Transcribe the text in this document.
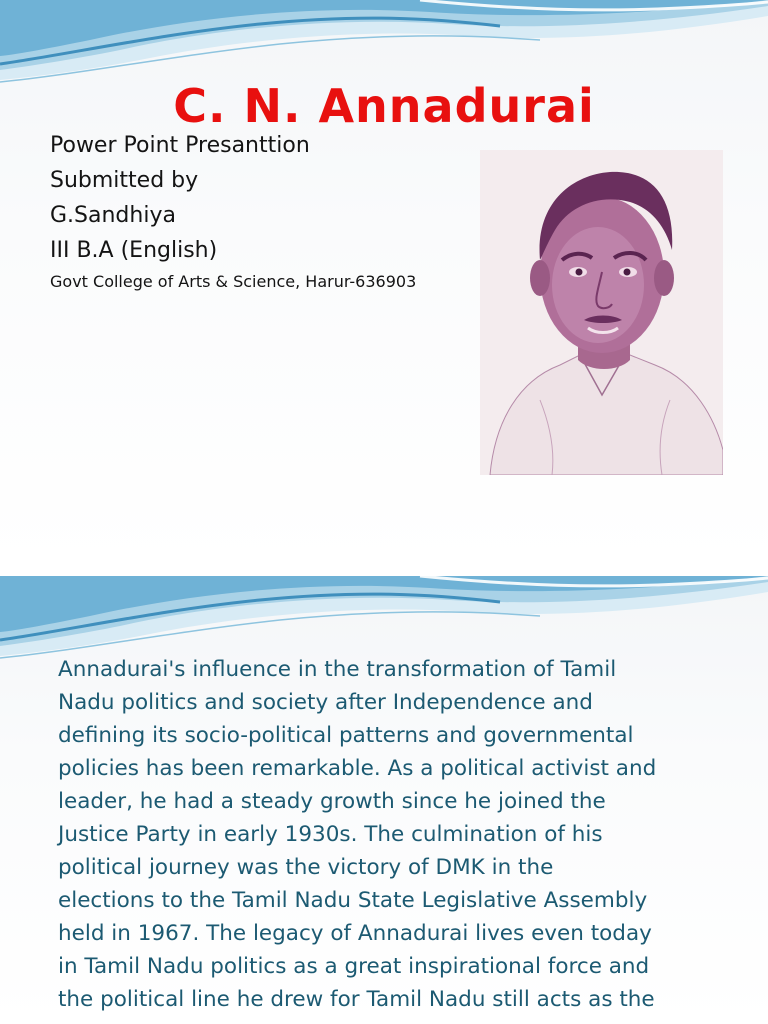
C. N. Annadurai
Power Point Presanttion
Submitted by
G.Sandhiya
III B.A (English)
Govt College of Arts & Science, Harur-636903
Annadurai's influence in the transformation of Tamil
Nadu politics and society after Independence and
defining its socio-political patterns and governmental
policies has been remarkable. As a political activist and
leader, he had a steady growth since he joined the
Justice Party in early 1930s. The culmination of his
political journey was the victory of DMK in the
elections to the Tamil Nadu State Legislative Assembly
held in 1967. The legacy of Annadurai lives even today
in Tamil Nadu politics as a great inspirational force and
the political line he drew for Tamil Nadu still acts as the
